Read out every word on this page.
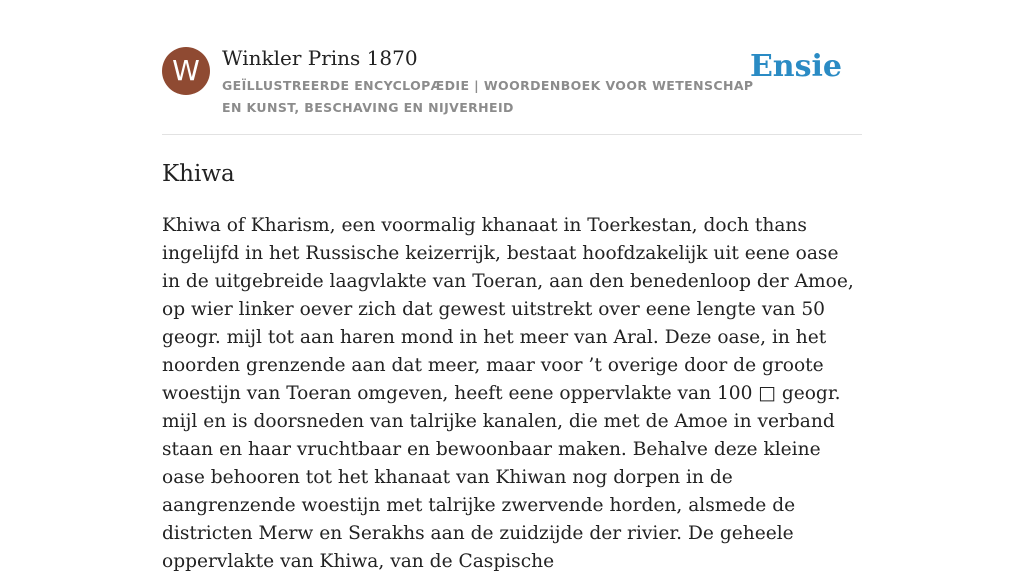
W	Winkler Prins 1870
GEÏLLUSTREERDE ENCYCLOPÆDIE | WOORDENBOEK VOOR WETENSCHAP EN KUNST, BESCHAVING EN NIJVERHEID
Ensie
Khiwa

Khiwa of Kharism, een voormalig khanaat in Toerkestan, doch thans ingelijfd in het Russische keizerrijk, bestaat hoofdzakelijk uit eene oase in de uitgebreide laagvlakte van Toeran, aan den benedenloop der Amoe, op wier linker oever zich dat gewest uitstrekt over eene lengte van 50 geogr. mijl tot aan haren mond in het meer van Aral. Deze oase, in het noorden grenzende aan dat meer, maar voor ’t overige door de groote woestijn van Toeran omgeven, heeft eene oppervlakte van 100 □ geogr. mijl en is doorsneden van talrijke kanalen, die met de Amoe in verband staan en haar vruchtbaar en bewoonbaar maken. Behalve deze kleine oase behooren tot het khanaat van Khiwan nog dorpen in de aangrenzende woestijn met talrijke zwervende horden, alsmede de districten Merw en Serakhs aan de zuidzijde der rivier. De geheele oppervlakte van Khiwa, van de Caspische
